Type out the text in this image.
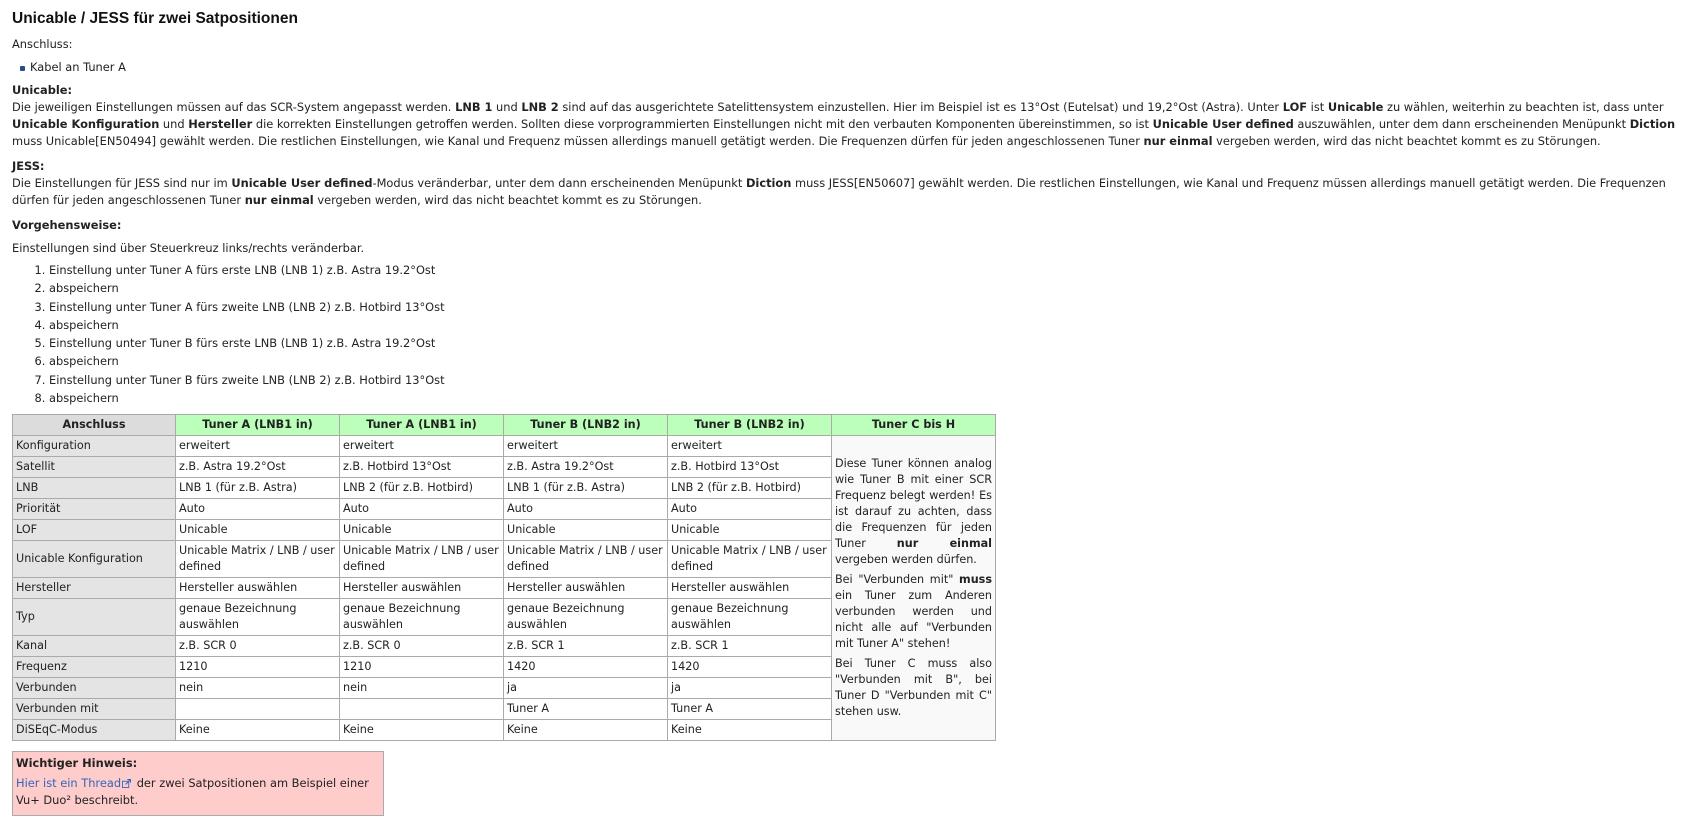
Unicable / JESS für zwei Satpositionen

Anschluss:

Kabel an Tuner A

Unicable:

Die jeweiligen Einstellungen müssen auf das SCR-System angepasst werden. LNB 1 und LNB 2 sind auf das ausgerichtete Satelittensystem einzustellen. Hier im Beispiel ist es 13°Ost (Eutelsat) und 19,2°Ost (Astra). Unter LOF ist Unicable zu wählen, weiterhin zu beachten ist, dass unter Unicable Konfiguration und Hersteller die korrekten Einstellungen getroffen werden. Sollten diese vorprogrammierten Einstellungen nicht mit den verbauten Komponenten übereinstimmen, so ist Unicable User defined auszuwählen, unter dem dann erscheinenden Menüpunkt Diction muss Unicable[EN50494] gewählt werden. Die restlichen Einstellungen, wie Kanal und Frequenz müssen allerdings manuell getätigt werden. Die Frequenzen dürfen für jeden angeschlossenen Tuner nur einmal vergeben werden, wird das nicht beachtet kommt es zu Störungen.

JESS:

Die Einstellungen für JESS sind nur im Unicable User defined-Modus veränderbar, unter dem dann erscheinenden Menüpunkt Diction muss JESS[EN50607] gewählt werden. Die restlichen Einstellungen, wie Kanal und Frequenz müssen allerdings manuell getätigt werden. Die Frequenzen dürfen für jeden angeschlossenen Tuner nur einmal vergeben werden, wird das nicht beachtet kommt es zu Störungen.

Vorgehensweise:

Einstellungen sind über Steuerkreuz links/rechts veränderbar.

1. Einstellung unter Tuner A fürs erste LNB (LNB 1) z.B. Astra 19.2°Ost
2. abspeichern
3. Einstellung unter Tuner A fürs zweite LNB (LNB 2) z.B. Hotbird 13°Ost
4. abspeichern
5. Einstellung unter Tuner B fürs erste LNB (LNB 1) z.B. Astra 19.2°Ost
6. abspeichern
7. Einstellung unter Tuner B fürs zweite LNB (LNB 2) z.B. Hotbird 13°Ost
8. abspeichern
Anschluss	Tuner A (LNB1 in)	Tuner A (LNB1 in)	Tuner B (LNB2 in)	Tuner B (LNB2 in)	Tuner C bis H
Konfiguration	erweitert	erweitert	erweitert	erweitert	Diese Tuner können analog wie Tuner B mit einer SCR Frequenz belegt werden! Es ist darauf zu achten, dass die Frequenzen für jeden Tuner nur einmal vergeben werden dürfen.

Bei "Verbunden mit" muss ein Tuner zum Anderen verbunden werden und nicht alle auf "Verbunden mit Tuner A" stehen!

Bei Tuner C muss also "Verbunden mit B", bei Tuner D "Verbunden mit C" stehen usw.

Satellit	z.B. Astra 19.2°Ost	z.B. Hotbird 13°Ost	z.B. Astra 19.2°Ost	z.B. Hotbird 13°Ost	
LNB	LNB 1 (für z.B. Astra)	LNB 2 (für z.B. Hotbird)	LNB 1 (für z.B. Astra)	LNB 2 (für z.B. Hotbird)	
Priorität	Auto	Auto	Auto	Auto	
LOF	Unicable	Unicable	Unicable	Unicable	
Unicable Konfiguration	Unicable Matrix / LNB / user defined	Unicable Matrix / LNB / user defined	Unicable Matrix / LNB / user defined	Unicable Matrix / LNB / user defined	
Hersteller	Hersteller auswählen	Hersteller auswählen	Hersteller auswählen	Hersteller auswählen	
Typ	genaue Bezeichnung auswählen	genaue Bezeichnung auswählen	genaue Bezeichnung auswählen	genaue Bezeichnung auswählen	
Kanal	z.B. SCR 0	z.B. SCR 0	z.B. SCR 1	z.B. SCR 1	
Frequenz	1210	1210	1420	1420	
Verbunden	nein	nein	ja	ja	
Verbunden mit			Tuner A	Tuner A	
DiSEqC-Modus	Keine	Keine	Keine	Keine	
Wichtiger Hinweis:
Hier ist ein Thread der zwei Satpositionen am Beispiel einer Vu+ Duo² beschreibt.
